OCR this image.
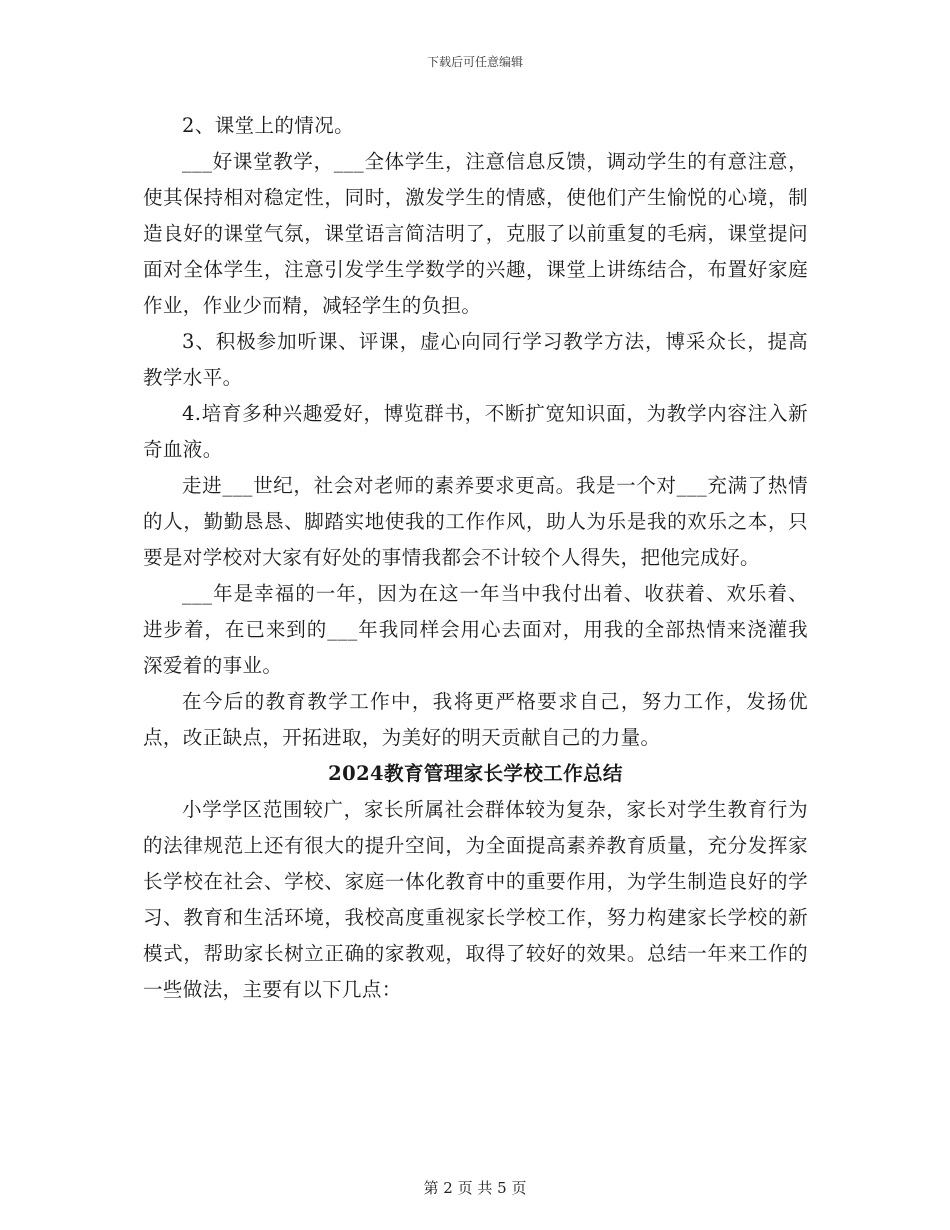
下载后可任意编辑

2、课堂上的情况。

___好课堂教学，___全体学生，注意信息反馈，调动学生的有意注意，使其保持相对稳定性，同时，激发学生的情感，使他们产生愉悦的心境，制造良好的课堂气氛，课堂语言简洁明了，克服了以前重复的毛病，课堂提问面对全体学生，注意引发学生学数学的兴趣，课堂上讲练结合，布置好家庭作业，作业少而精，减轻学生的负担。

3、积极参加听课、评课，虚心向同行学习教学方法，博采众长，提高教学水平。

4.培育多种兴趣爱好，博览群书，不断扩宽知识面，为教学内容注入新奇血液。

走进___世纪，社会对老师的素养要求更高。我是一个对___充满了热情的人，勤勤恳恳、脚踏实地使我的工作作风，助人为乐是我的欢乐之本，只要是对学校对大家有好处的事情我都会不计较个人得失，把他完成好。

___年是幸福的一年，因为在这一年当中我付出着、收获着、欢乐着、进步着，在已来到的___年我同样会用心去面对，用我的全部热情来浇灌我深爱着的事业。

在今后的教育教学工作中，我将更严格要求自己，努力工作，发扬优点，改正缺点，开拓进取，为美好的明天贡献自己的力量。

2024教育管理家长学校工作总结

小学学区范围较广，家长所属社会群体较为复杂，家长对学生教育行为的法律规范上还有很大的提升空间，为全面提高素养教育质量，充分发挥家长学校在社会、学校、家庭一体化教育中的重要作用，为学生制造良好的学习、教育和生活环境，我校高度重视家长学校工作，努力构建家长学校的新模式，帮助家长树立正确的家教观，取得了较好的效果。总结一年来工作的一些做法，主要有以下几点：

第 2 页 共 5 页
